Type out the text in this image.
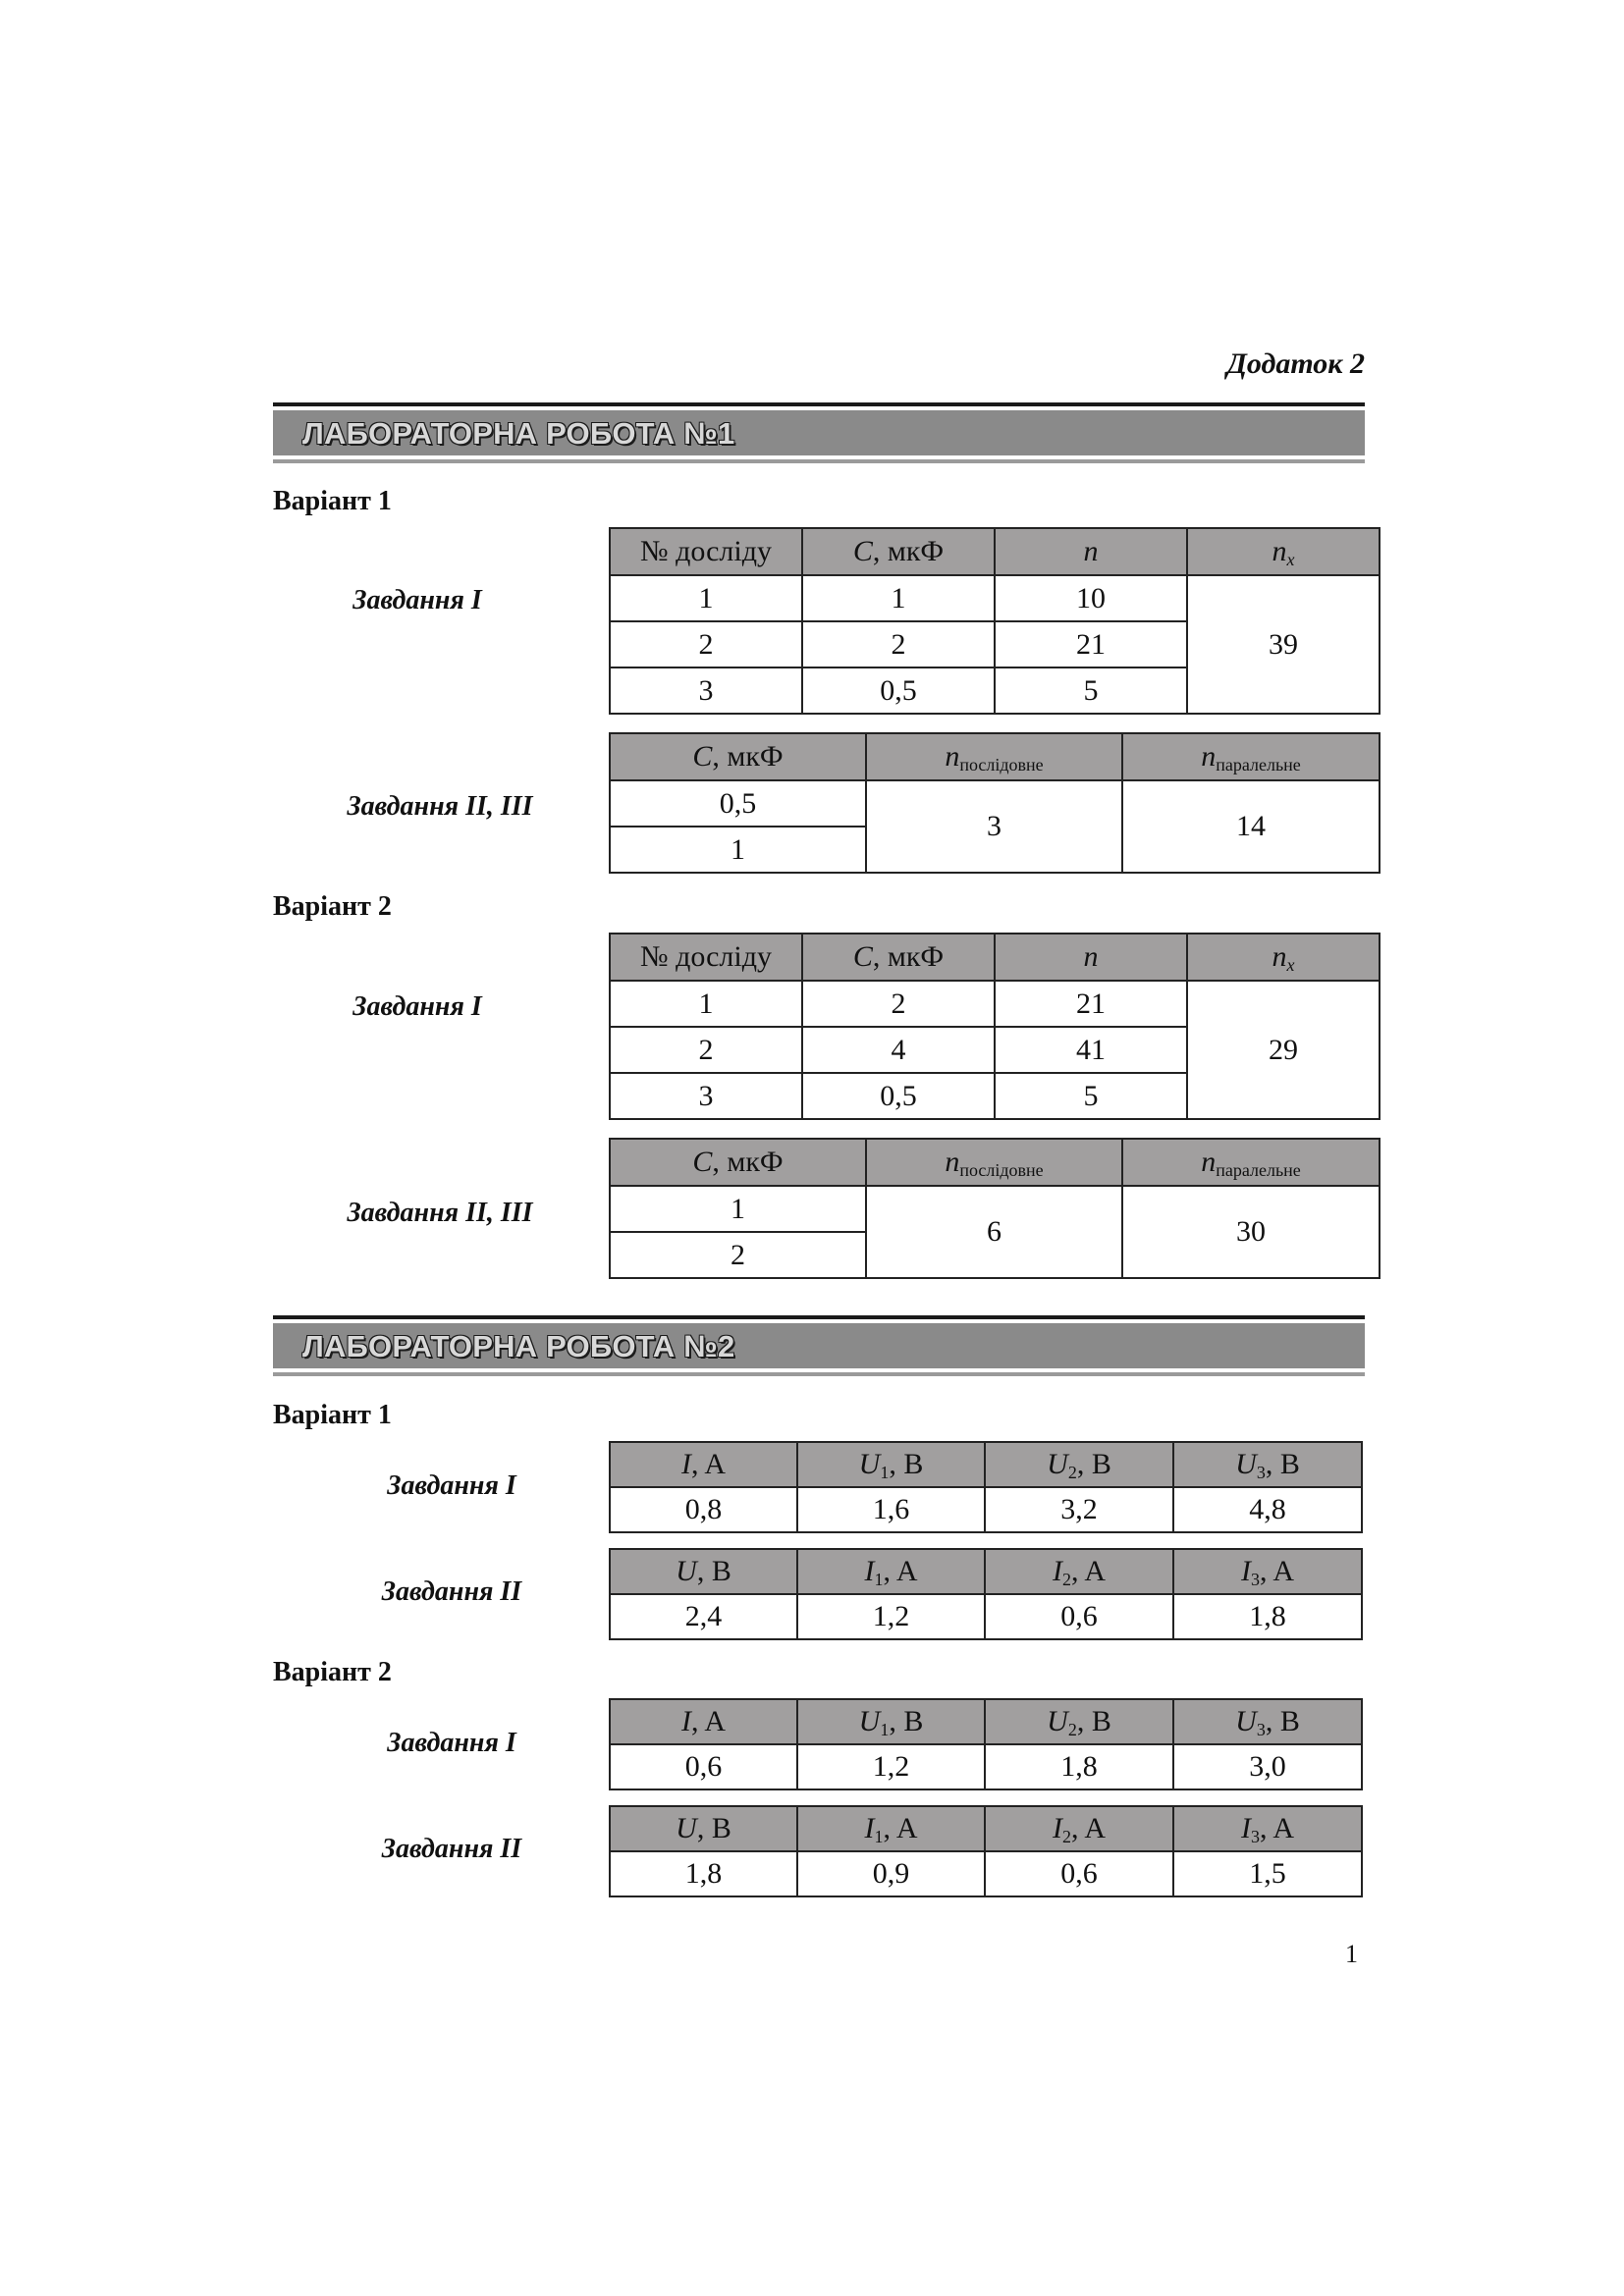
Додаток 2
ЛАБОРАТОРНА РОБОТА №1
Варіант 1
Завдання I
№ досліду	C, мкФ	n	$n_x$
1	1	10	39
2	2	21	
3	0,5	5	
Завдання II, III
C, мкФ	$n_{послідовне}$	$n_{паралельне}$
0,5	3	14
1		
Варіант 2
Завдання I
№ досліду	C, мкФ	n	$n_x$
1	2	21	29
2	4	41	
3	0,5	5	
Завдання II, III
C, мкФ	$n_{послідовне}$	$n_{паралельне}$
1	6	30
2		
ЛАБОРАТОРНА РОБОТА №2
Варіант 1
Завдання I
I, A	$U_1$, B	$U_2$, B	$U_3$, B
0,8	1,6	3,2	4,8
Завдання II
U, B	$I_1$, A	$I_2$, A	$I_3$, A
2,4	1,2	0,6	1,8
Варіант 2
Завдання I
I, A	$U_1$, B	$U_2$, B	$U_3$, B
0,6	1,2	1,8	3,0
Завдання II
U, B	$I_1$, A	$I_2$, A	$I_3$, A
1,8	0,9	0,6	1,5
1
